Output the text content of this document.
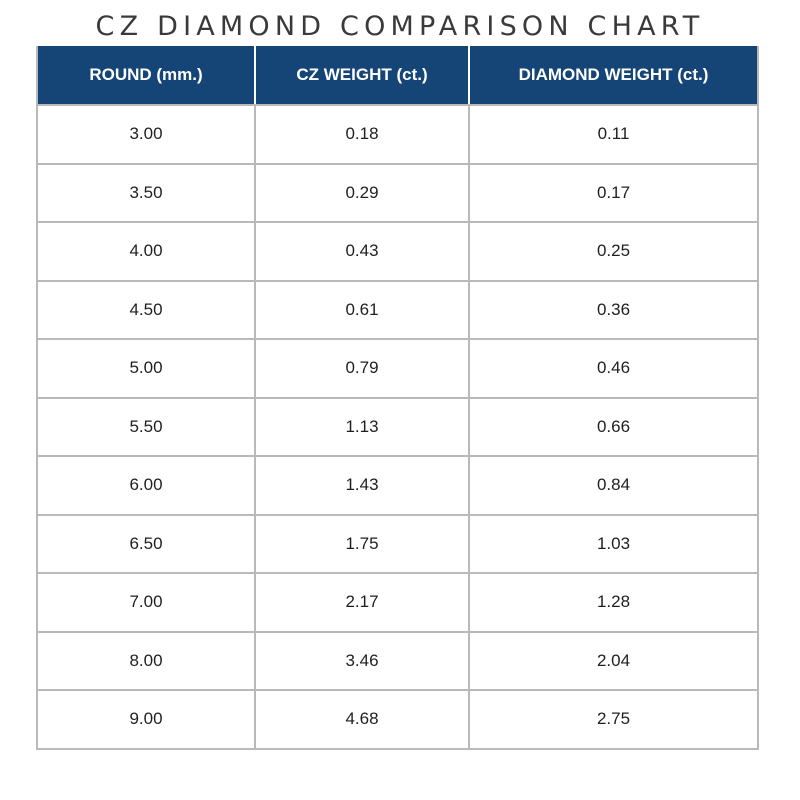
CZ DIAMOND COMPARISON CHART
ROUND (mm.)	CZ WEIGHT (ct.)	DIAMOND WEIGHT (ct.)
3.00	0.18	0.11
3.50	0.29	0.17
4.00	0.43	0.25
4.50	0.61	0.36
5.00	0.79	0.46
5.50	1.13	0.66
6.00	1.43	0.84
6.50	1.75	1.03
7.00	2.17	1.28
8.00	3.46	2.04
9.00	4.68	2.75
